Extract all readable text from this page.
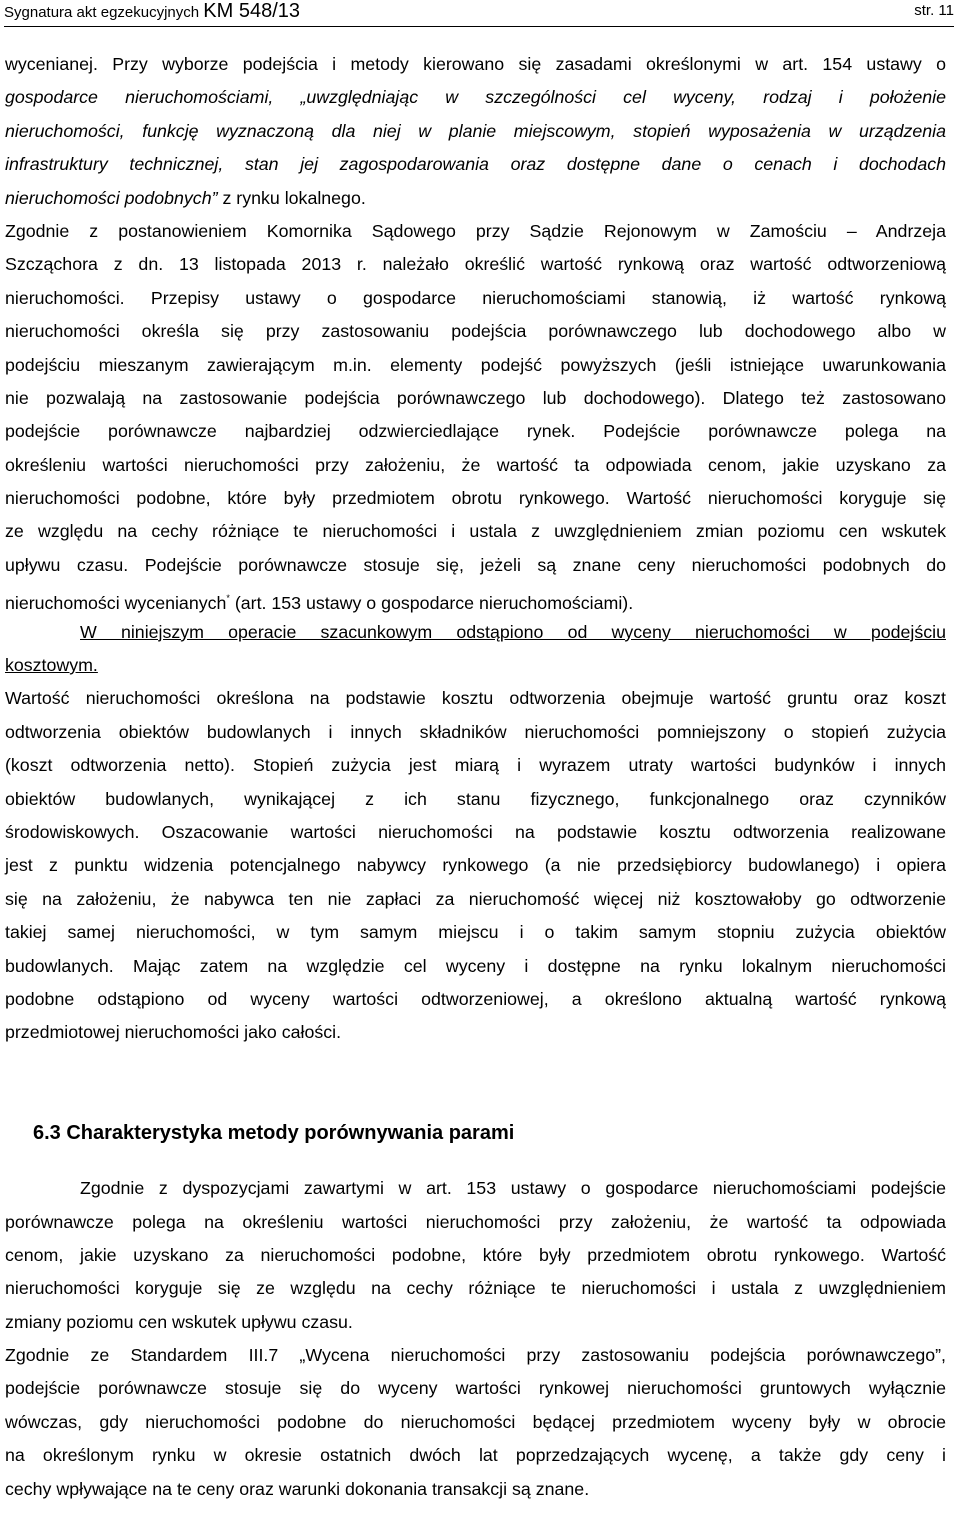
Sygnatura akt egzekucyjnych KM 548/13	str. 11
wycenianej. Przy wyborze podejścia i metody kierowano się zasadami określonymi w art. 154 ustawy o
gospodarce nieruchomościami, „uwzględniając w szczególności cel wyceny, rodzaj i położenie
nieruchomości, funkcję wyznaczoną dla niej w planie miejscowym, stopień wyposażenia w urządzenia
infrastruktury technicznej, stan jej zagospodarowania oraz dostępne dane o cenach i dochodach
nieruchomości podobnych” z rynku lokalnego.
Zgodnie z postanowieniem Komornika Sądowego przy Sądzie Rejonowym w Zamościu – Andrzeja
Szcząchora z dn. 13 listopada 2013 r. należało określić wartość rynkową oraz wartość odtworzeniową
nieruchomości. Przepisy ustawy o gospodarce nieruchomościami stanowią, iż wartość rynkową
nieruchomości określa się przy zastosowaniu podejścia porównawczego lub dochodowego albo w
podejściu mieszanym zawierającym m.in. elementy podejść powyższych (jeśli istniejące uwarunkowania
nie pozwalają na zastosowanie podejścia porównawczego lub dochodowego). Dlatego też zastosowano
podejście porównawcze najbardziej odzwierciedlające rynek. Podejście porównawcze polega na
określeniu wartości nieruchomości przy założeniu, że wartość ta odpowiada cenom, jakie uzyskano za
nieruchomości podobne, które były przedmiotem obrotu rynkowego. Wartość nieruchomości koryguje się
ze względu na cechy różniące te nieruchomości i ustala z uwzględnieniem zmian poziomu cen wskutek
upływu czasu. Podejście porównawcze stosuje się, jeżeli są znane ceny nieruchomości podobnych do
nieruchomości wycenianych* (art. 153 ustawy o gospodarce nieruchomościami).
W niniejszym operacie szacunkowym odstąpiono od wyceny nieruchomości w podejściu
kosztowym.
Wartość nieruchomości określona na podstawie kosztu odtworzenia obejmuje wartość gruntu oraz koszt
odtworzenia obiektów budowlanych i innych składników nieruchomości pomniejszony o stopień zużycia
(koszt odtworzenia netto). Stopień zużycia jest miarą i wyrazem utraty wartości budynków i innych
obiektów budowlanych, wynikającej z ich stanu fizycznego, funkcjonalnego oraz czynników
środowiskowych. Oszacowanie wartości nieruchomości na podstawie kosztu odtworzenia realizowane
jest z punktu widzenia potencjalnego nabywcy rynkowego (a nie przedsiębiorcy budowlanego) i opiera
się na założeniu, że nabywca ten nie zapłaci za nieruchomość więcej niż kosztowałoby go odtworzenie
takiej samej nieruchomości, w tym samym miejscu i o takim samym stopniu zużycia obiektów
budowlanych. Mając zatem na względzie cel wyceny i dostępne na rynku lokalnym nieruchomości
podobne odstąpiono od wyceny wartości odtworzeniowej, a określono aktualną wartość rynkową
przedmiotowej nieruchomości jako całości.
6.3 Charakterystyka metody porównywania parami
Zgodnie z dyspozycjami zawartymi w art. 153 ustawy o gospodarce nieruchomościami podejście
porównawcze polega na określeniu wartości nieruchomości przy założeniu, że wartość ta odpowiada
cenom, jakie uzyskano za nieruchomości podobne, które były przedmiotem obrotu rynkowego. Wartość
nieruchomości koryguje się ze względu na cechy różniące te nieruchomości i ustala z uwzględnieniem
zmiany poziomu cen wskutek upływu czasu.
Zgodnie ze Standardem III.7 „Wycena nieruchomości przy zastosowaniu podejścia porównawczego”,
podejście porównawcze stosuje się do wyceny wartości rynkowej nieruchomości gruntowych wyłącznie
wówczas, gdy nieruchomości podobne do nieruchomości będącej przedmiotem wyceny były w obrocie
na określonym rynku w okresie ostatnich dwóch lat poprzedzających wycenę, a także gdy ceny i
cechy wpływające na te ceny oraz warunki dokonania transakcji są znane.
